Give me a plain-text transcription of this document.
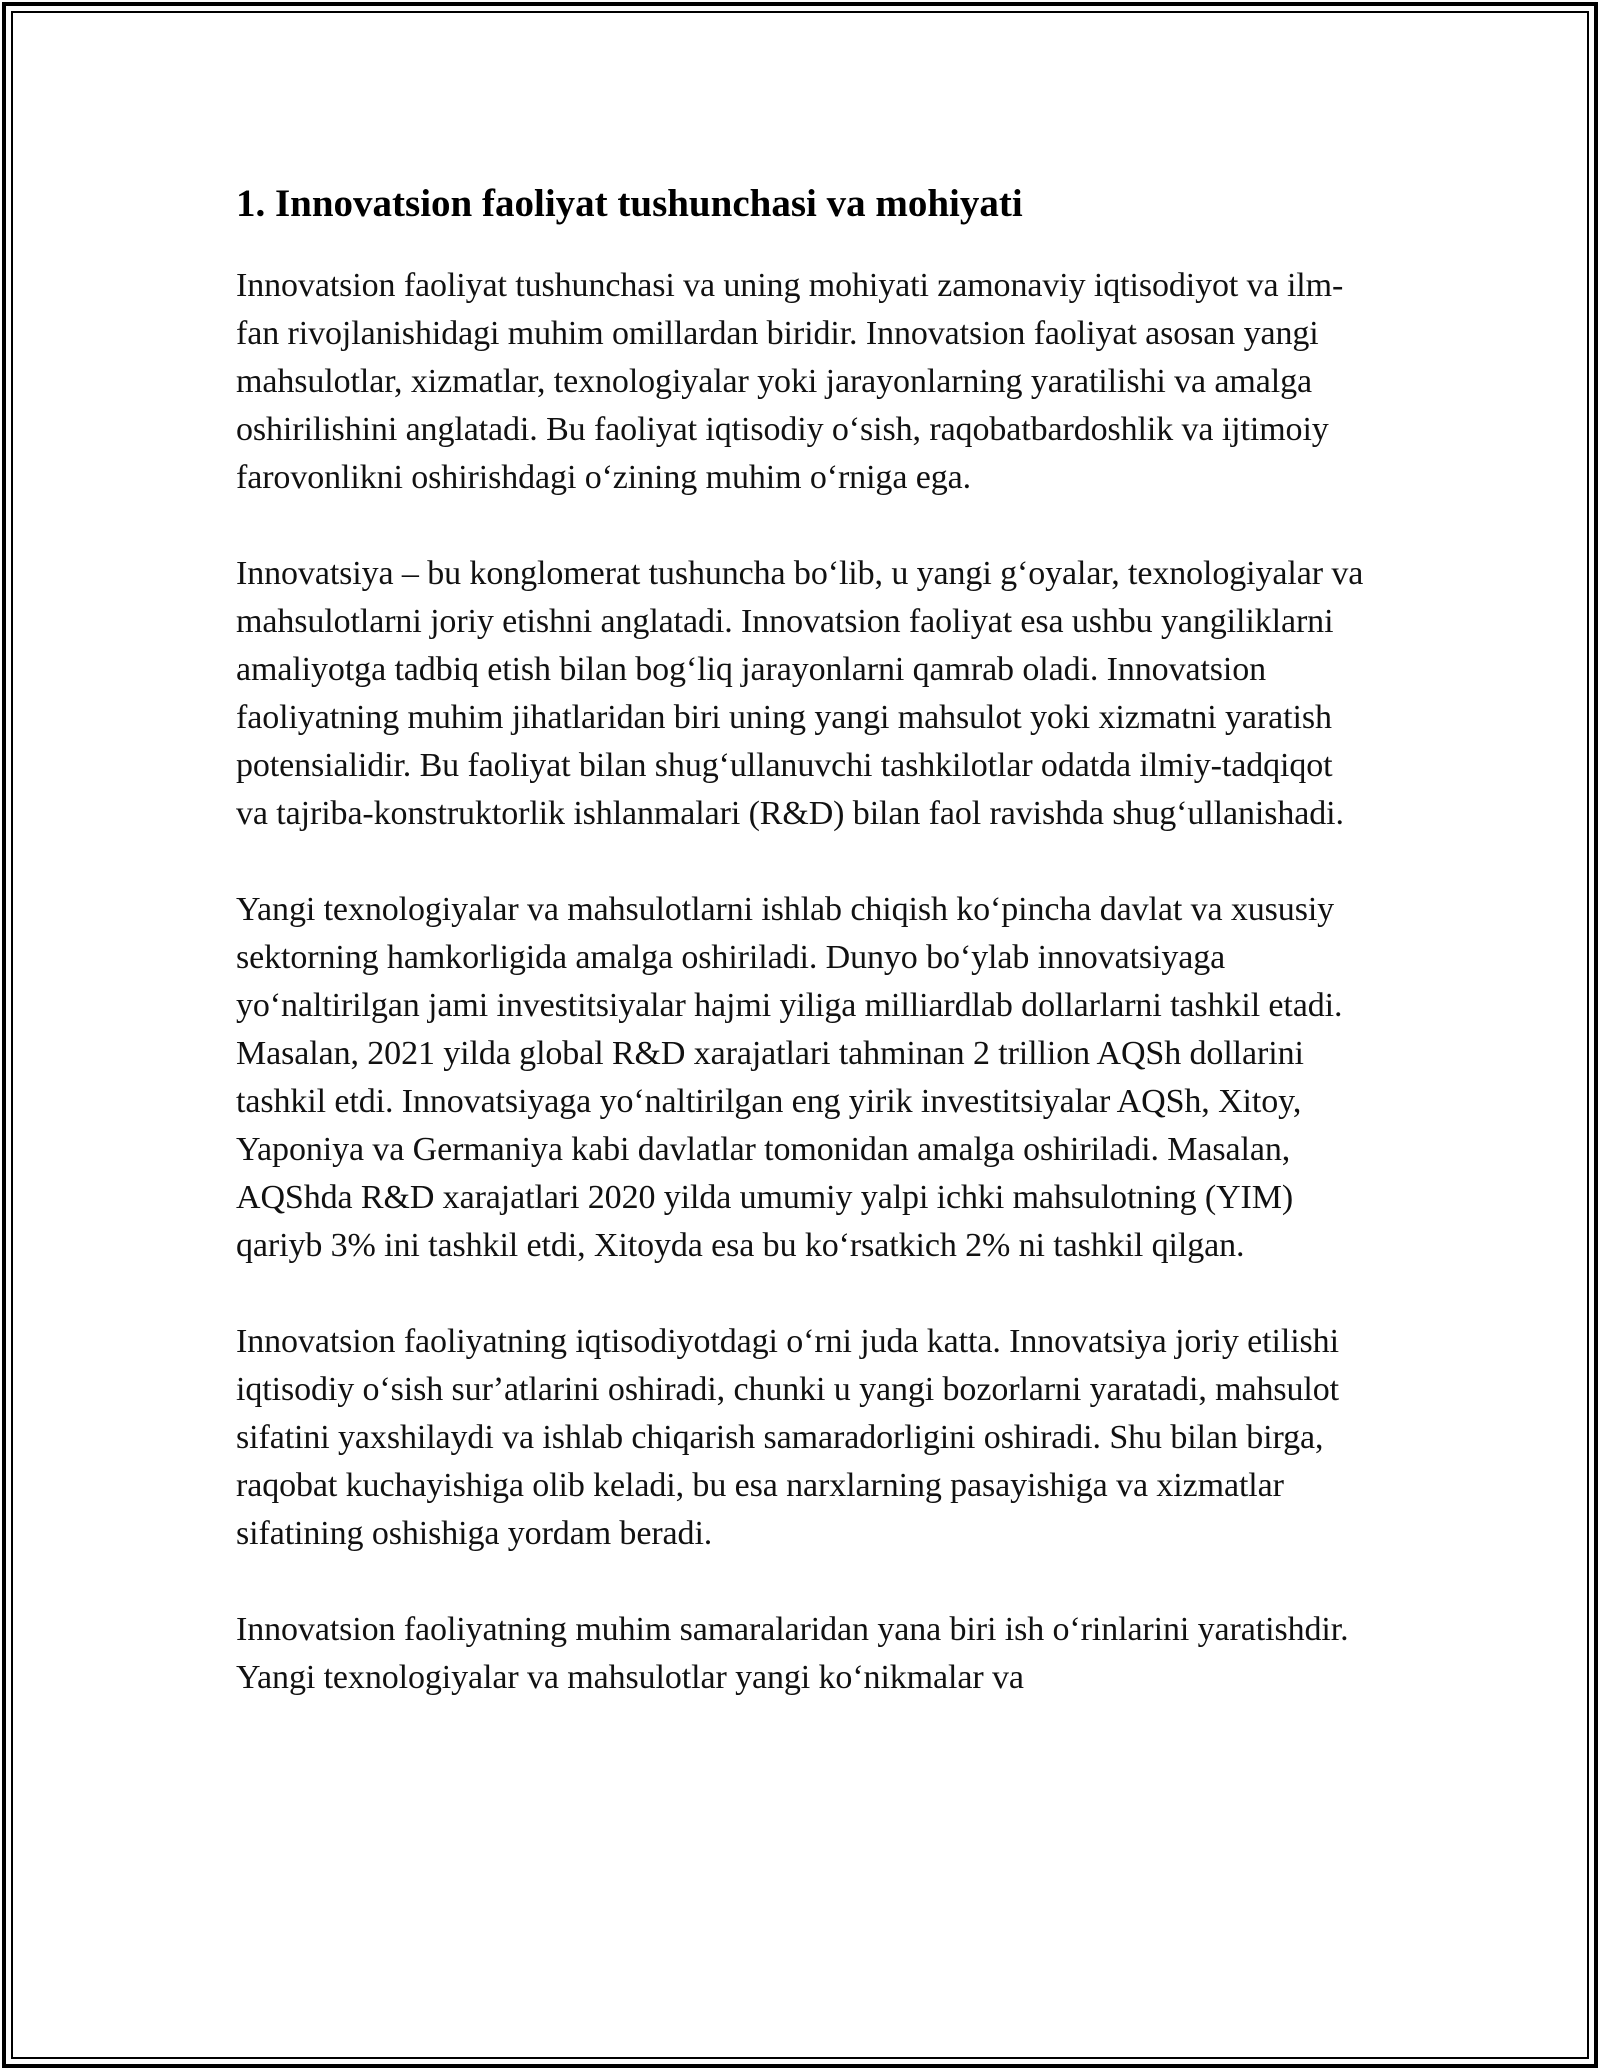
1. Innovatsion faoliyat tushunchasi va mohiyati

Innovatsion faoliyat tushunchasi va uning mohiyati zamonaviy iqtisodiyot va ilm-fan rivojlanishidagi muhim omillardan biridir. Innovatsion faoliyat asosan yangi mahsulotlar, xizmatlar, texnologiyalar yoki jarayonlarning yaratilishi va amalga oshirilishini anglatadi. Bu faoliyat iqtisodiy oʻsish, raqobatbardoshlik va ijtimoiy farovonlikni oshirishdagi oʻzining muhim oʻrniga ega.

Innovatsiya – bu konglomerat tushuncha boʻlib, u yangi gʻoyalar, texnologiyalar va mahsulotlarni joriy etishni anglatadi. Innovatsion faoliyat esa ushbu yangiliklarni amaliyotga tadbiq etish bilan bogʻliq jarayonlarni qamrab oladi. Innovatsion faoliyatning muhim jihatlaridan biri uning yangi mahsulot yoki xizmatni yaratish potensialidir. Bu faoliyat bilan shugʻullanuvchi tashkilotlar odatda ilmiy-tadqiqot va tajriba-konstruktorlik ishlanmalari (R&D) bilan faol ravishda shugʻullanishadi.

Yangi texnologiyalar va mahsulotlarni ishlab chiqish koʻpincha davlat va xususiy sektorning hamkorligida amalga oshiriladi. Dunyo boʻylab innovatsiyaga yoʻnaltirilgan jami investitsiyalar hajmi yiliga milliardlab dollarlarni tashkil etadi. Masalan, 2021 yilda global R&D xarajatlari tahminan 2 trillion AQSh dollarini tashkil etdi. Innovatsiyaga yoʻnaltirilgan eng yirik investitsiyalar AQSh, Xitoy, Yaponiya va Germaniya kabi davlatlar tomonidan amalga oshiriladi. Masalan, AQShda R&D xarajatlari 2020 yilda umumiy yalpi ichki mahsulotning (YIM) qariyb 3% ini tashkil etdi, Xitoyda esa bu koʻrsatkich 2% ni tashkil qilgan.

Innovatsion faoliyatning iqtisodiyotdagi oʻrni juda katta. Innovatsiya joriy etilishi iqtisodiy oʻsish surʼatlarini oshiradi, chunki u yangi bozorlarni yaratadi, mahsulot sifatini yaxshilaydi va ishlab chiqarish samaradorligini oshiradi. Shu bilan birga, raqobat kuchayishiga olib keladi, bu esa narxlarning pasayishiga va xizmatlar sifatining oshishiga yordam beradi.

Innovatsion faoliyatning muhim samaralaridan yana biri ish oʻrinlarini yaratishdir. Yangi texnologiyalar va mahsulotlar yangi koʻnikmalar va
